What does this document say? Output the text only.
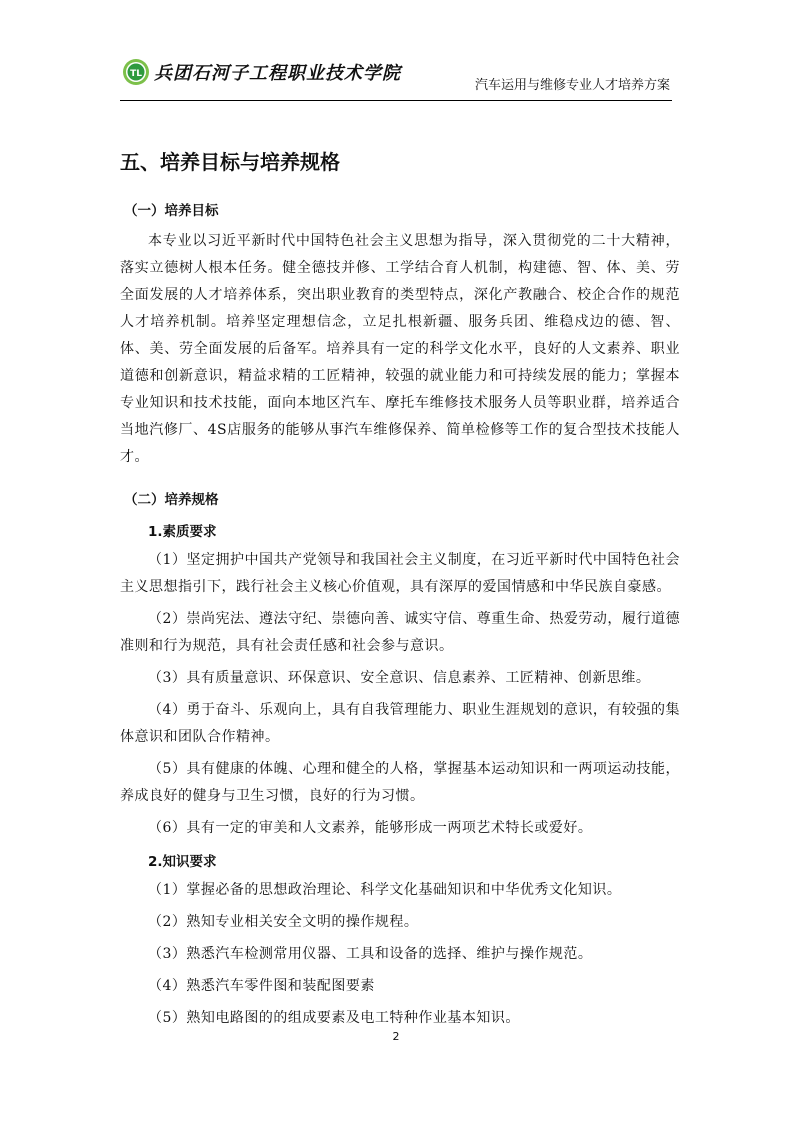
TL 兵团石河子工程职业技术学院
汽车运用与维修专业人才培养方案
五、培养目标与培养规格
（一）培养目标

本专业以习近平新时代中国特色社会主义思想为指导，深入贯彻党的二十大精神，落实立德树人根本任务。健全德技并修、工学结合育人机制，构建德、智、体、美、劳全面发展的人才培养体系，突出职业教育的类型特点，深化产教融合、校企合作的规范人才培养机制。培养坚定理想信念，立足扎根新疆、服务兵团、维稳戍边的德、智、体、美、劳全面发展的后备军。培养具有一定的科学文化水平，良好的人文素养、职业道德和创新意识，精益求精的工匠精神，较强的就业能力和可持续发展的能力；掌握本专业知识和技术技能，面向本地区汽车、摩托车维修技术服务人员等职业群，培养适合当地汽修厂、4S店服务的能够从事汽车维修保养、简单检修等工作的复合型技术技能人才。

（二）培养规格
1.素质要求

（1）坚定拥护中国共产党领导和我国社会主义制度，在习近平新时代中国特色社会主义思想指引下，践行社会主义核心价值观，具有深厚的爱国情感和中华民族自豪感。

（2）崇尚宪法、遵法守纪、崇德向善、诚实守信、尊重生命、热爱劳动，履行道德准则和行为规范，具有社会责任感和社会参与意识。

（3）具有质量意识、环保意识、安全意识、信息素养、工匠精神、创新思维。

（4）勇于奋斗、乐观向上，具有自我管理能力、职业生涯规划的意识，有较强的集体意识和团队合作精神。

（5）具有健康的体魄、心理和健全的人格，掌握基本运动知识和一两项运动技能，养成良好的健身与卫生习惯，良好的行为习惯。

（6）具有一定的审美和人文素养，能够形成一两项艺术特长或爱好。

2.知识要求

（1）掌握必备的思想政治理论、科学文化基础知识和中华优秀文化知识。

（2）熟知专业相关安全文明的操作规程。

（3）熟悉汽车检测常用仪器、工具和设备的选择、维护与操作规范。

（4）熟悉汽车零件图和装配图要素

（5）熟知电路图的的组成要素及电工特种作业基本知识。

2
